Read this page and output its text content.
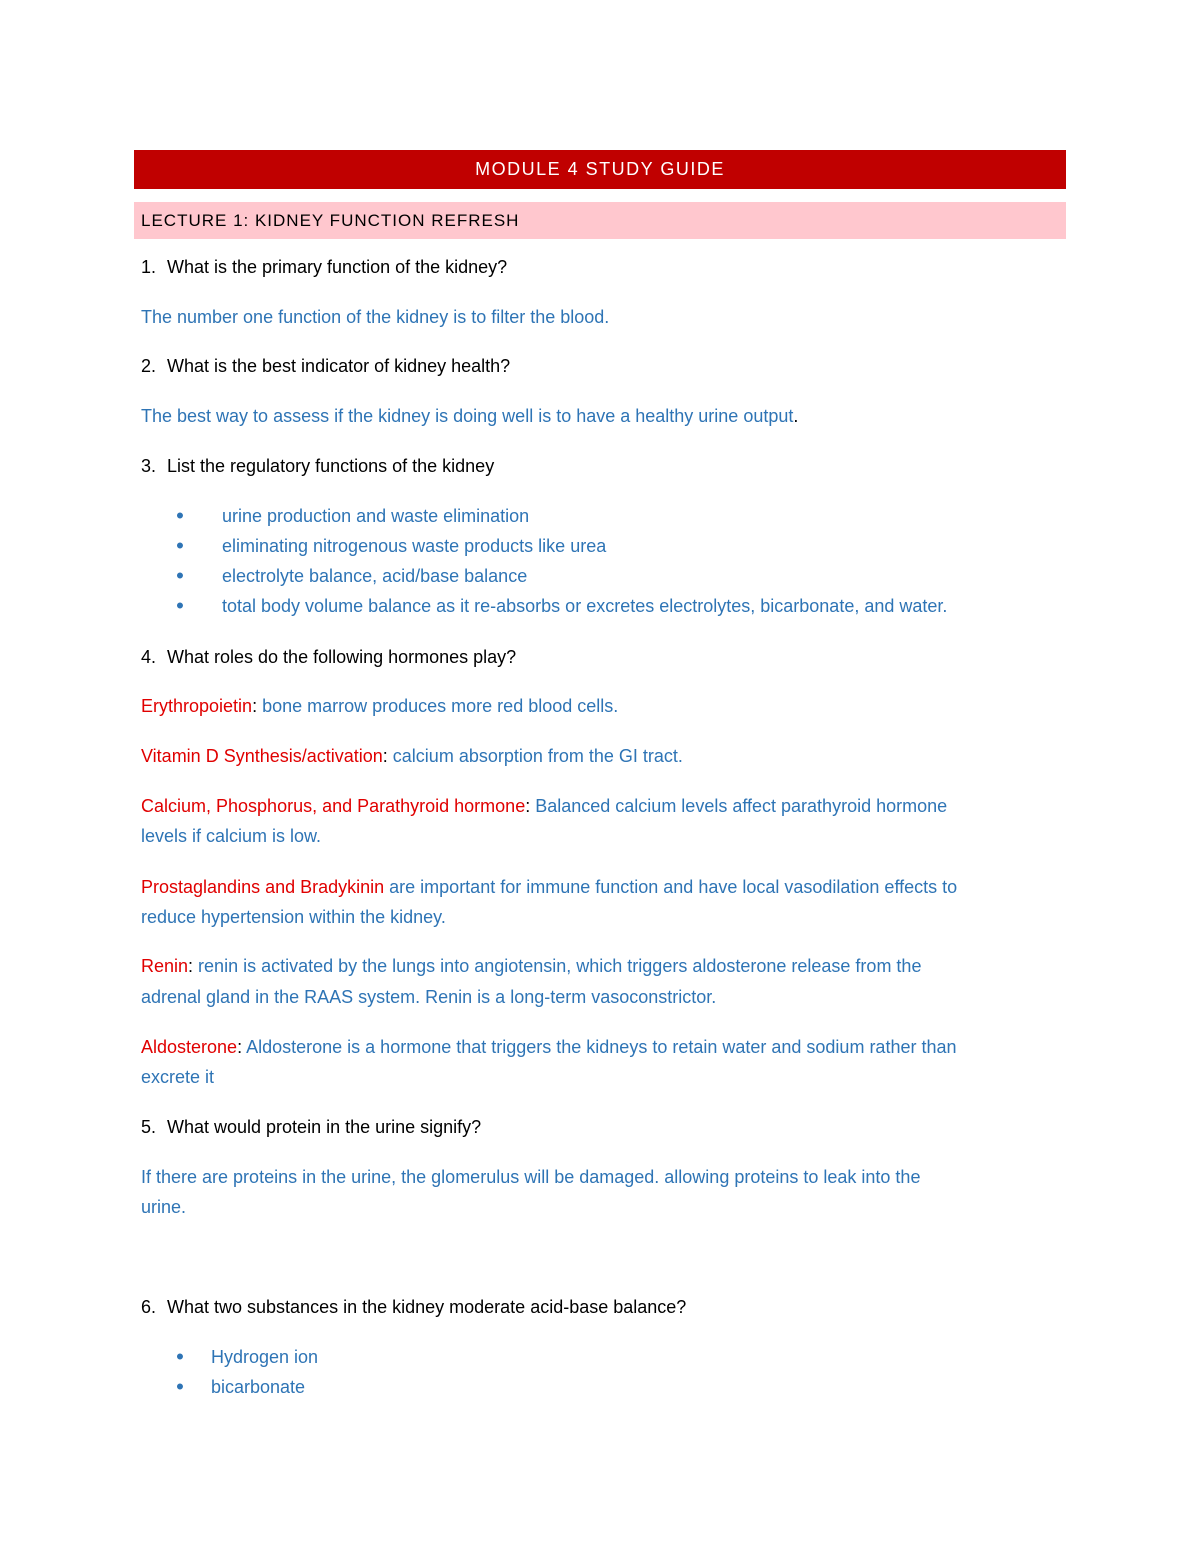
MODULE 4 STUDY GUIDE
LECTURE 1: KIDNEY FUNCTION REFRESH
1. What is the primary function of the kidney?
The number one function of the kidney is to filter the blood.
2. What is the best indicator of kidney health?
The best way to assess if the kidney is doing well is to have a healthy urine output.
3. List the regulatory functions of the kidney
•	urine production and waste elimination
•	eliminating nitrogenous waste products like urea
•	electrolyte balance, acid/base balance
•	total body volume balance as it re-absorbs or excretes electrolytes, bicarbonate, and water.
4. What roles do the following hormones play?
Erythropoietin: bone marrow produces more red blood cells.
Vitamin D Synthesis/activation: calcium absorption from the GI tract.
Calcium, Phosphorus, and Parathyroid hormone: Balanced calcium levels affect parathyroid hormone
levels if calcium is low.
Prostaglandins and Bradykinin are important for immune function and have local vasodilation effects to
reduce hypertension within the kidney.
Renin: renin is activated by the lungs into angiotensin, which triggers aldosterone release from the
adrenal gland in the RAAS system. Renin is a long-term vasoconstrictor.
Aldosterone: Aldosterone is a hormone that triggers the kidneys to retain water and sodium rather than
excrete it
5. What would protein in the urine signify?
If there are proteins in the urine, the glomerulus will be damaged. allowing proteins to leak into the
urine.
6. What two substances in the kidney moderate acid-base balance?
•	Hydrogen ion
•	bicarbonate
